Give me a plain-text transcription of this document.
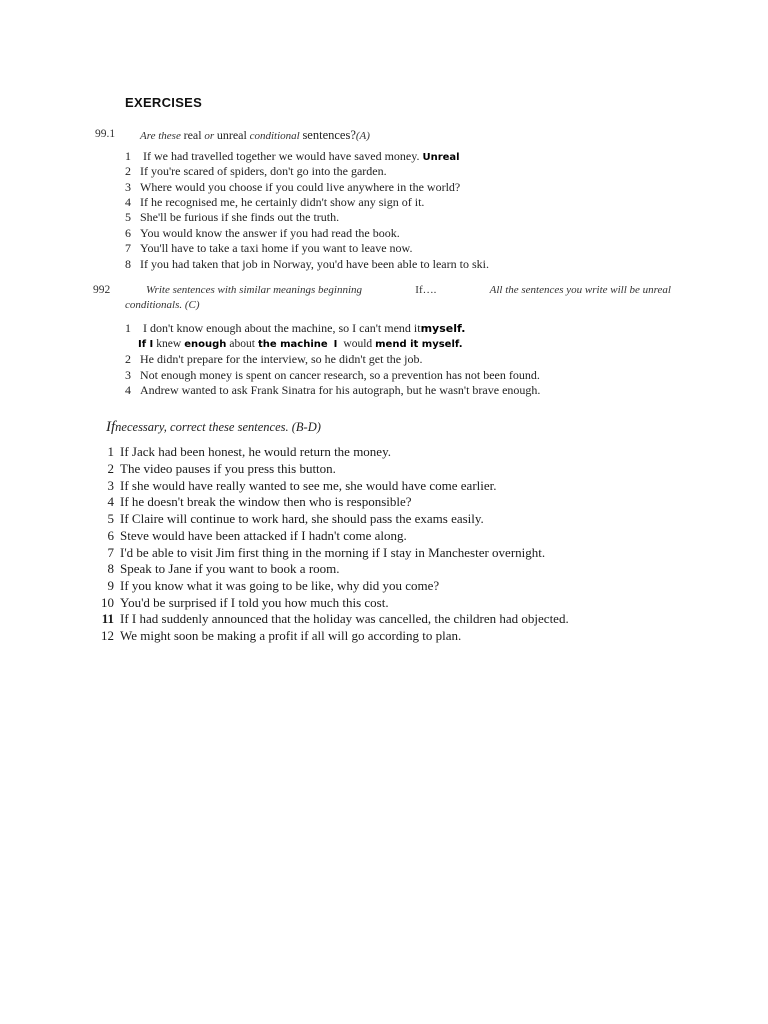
EXERCISES
99.1 Are these real or unreal conditional sentences?(A)
1 If we had travelled together we would have saved money. Unreal
2 If you're scared of spiders, don't go into the garden.
3 Where would you choose if you could live anywhere in the world?
4 If he recognised me, he certainly didn't show any sign of it.
5 She'll be furious if she finds out the truth.
6 You would know the answer if you had read the book.
7 You'll have to take a taxi home if you want to leave now.
8 If you had taken that job in Norway, you'd have been able to learn to ski.
992	Write sentences with similar meanings beginning	If….	All the sentences you write will be unreal
conditionals. (C)
1 I don't know enough about the machine, so I can't mend itmyself.
If I knew enough about the machine I would mend it myself.
2 He didn't prepare for the interview, so he didn't get the job.
3 Not enough money is spent on cancer research, so a prevention has not been found.
4 Andrew wanted to ask Frank Sinatra for his autograph, but he wasn't brave enough.
Ifnecessary, correct these sentences. (B-D)
1 If Jack had been honest, he would return the money.
2 The video pauses if you press this button.
3 If she would have really wanted to see me, she would have come earlier.
4 If he doesn't break the window then who is responsible?
5 If Claire will continue to work hard, she should pass the exams easily.
6 Steve would have been attacked if I hadn't come along.
7 I'd be able to visit Jim first thing in the morning if I stay in Manchester overnight.
8 Speak to Jane if you want to book a room.
9 If you know what it was going to be like, why did you come?
10 You'd be surprised if I told you how much this cost.
11 If I had suddenly announced that the holiday was cancelled, the children had objected.
12 We might soon be making a profit if all will go according to plan.
